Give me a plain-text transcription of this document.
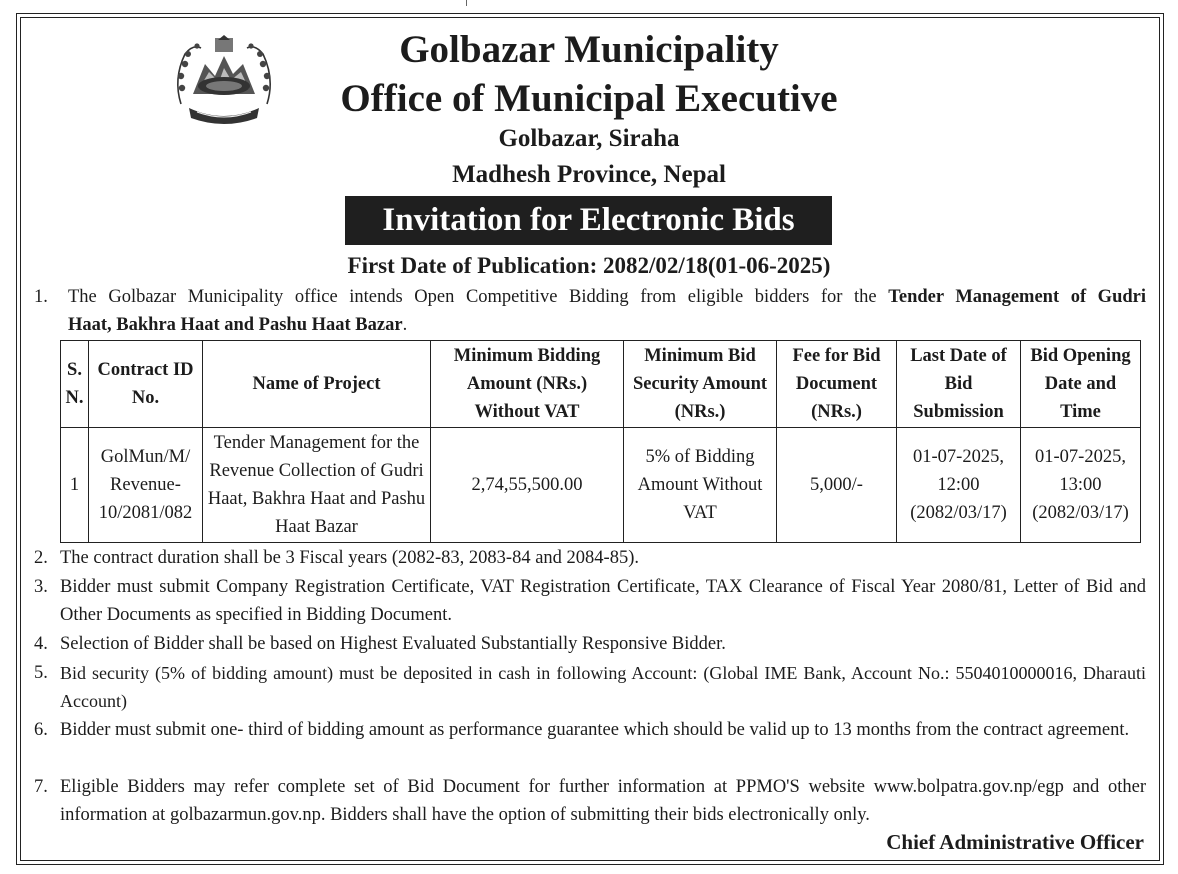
Golbazar Municipality
Office of Municipal Executive
Golbazar, Siraha
Madhesh Province, Nepal
Invitation for Electronic Bids
First Date of Publication: 2082/02/18(01-06-2025)
1. The Golbazar Municipality office intends Open Competitive Bidding from eligible bidders for the Tender Management of Gudri
Haat, Bakhra Haat and Pashu Haat Bazar.
S. N.	Contract ID No.	Name of Project	Minimum Bidding Amount (NRs.) Without VAT	Minimum Bid Security Amount (NRs.)	Fee for Bid Document (NRs.)	Last Date of Bid Submission	Bid Opening Date and Time
1	GolMun/M/ Revenue- 10/2081/082	Tender Management for the Revenue Collection of Gudri Haat, Bakhra Haat and Pashu Haat Bazar	2,74,55,500.00	5% of Bidding Amount Without VAT	5,000/-	01-07-2025, 12:00 (2082/03/17)	01-07-2025, 13:00 (2082/03/17)
2. The contract duration shall be 3 Fiscal years (2082-83, 2083-84 and 2084-85).
3. Bidder must submit Company Registration Certificate, VAT Registration Certificate, TAX Clearance of Fiscal Year 2080/81, Letter of Bid and Other Documents as specified in Bidding Document.
4. Selection of Bidder shall be based on Highest Evaluated Substantially Responsive Bidder.
5. Bid security (5% of bidding amount) must be deposited in cash in following Account: (Global IME Bank, Account No.: 5504010000016, Dharauti Account)
6. Bidder must submit one- third of bidding amount as performance guarantee which should be valid up to 13 months from the contract agreement.
7. Eligible Bidders may refer complete set of Bid Document for further information at PPMO'S website www.bolpatra.gov.np/egp and other information at golbazarmun.gov.np. Bidders shall have the option of submitting their bids electronically only.
Chief Administrative Officer
